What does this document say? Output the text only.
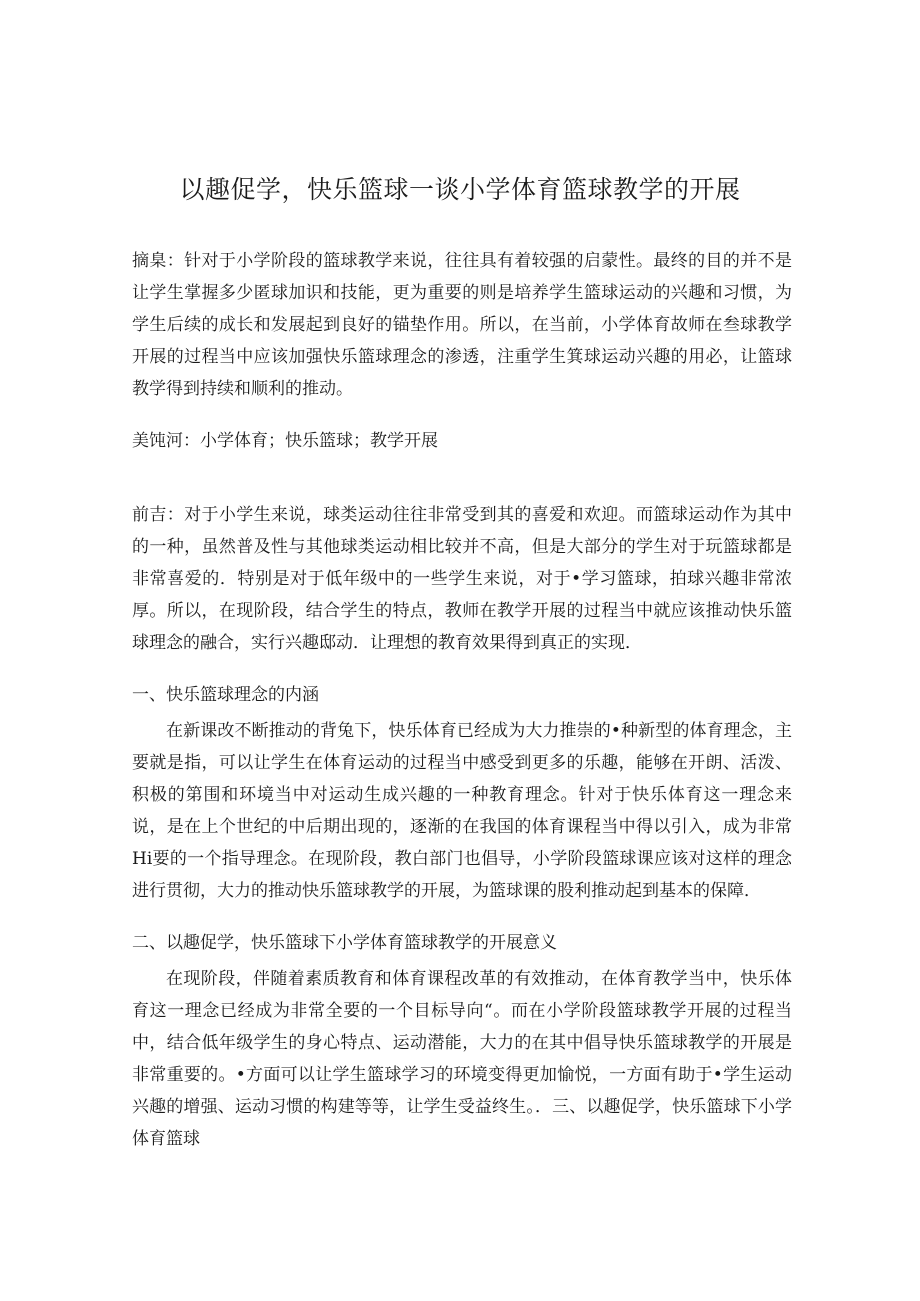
以趣促学，快乐篮球一谈小学体育篮球教学的开展

摘臬：针对于小学阶段的篮球教学来说，往往具有着较强的启蒙性。最终的目的并不是让学生掌握多少匿球加识和技能，更为重要的则是培养学生篮球运动的兴趣和习惯，为学生后续的成长和发展起到良好的锚垫作用。所以，在当前，小学体育故师在叁球教学开展的过程当中应该加强快乐篮球理念的渗透，注重学生箕球运动兴趣的用必，让篮球教学得到持续和顺利的推动。

美饨河：小学体育；快乐篮球；教学开展

前吉：对于小学生来说，球类运动往往非常受到其的喜爱和欢迎。而篮球运动作为其中的一种，虽然普及性与其他球类运动相比较并不高，但是大部分的学生对于玩篮球都是非常喜爱的．特别是对于低年级中的一些学生来说，对于•学习篮球，拍球兴趣非常浓厚。所以，在现阶段，结合学生的特点，教师在教学开展的过程当中就应该推动快乐篮球理念的融合，实行兴趣邸动．让理想的教育效果得到真正的实现．

一、快乐篮球理念的内涵

在新课改不断推动的背兔下，快乐体育已经成为大力推崇的•种新型的体育理念，主要就是指，可以让学生在体育运动的过程当中感受到更多的乐趣，能够在开朗、活泼、积极的第围和环境当中对运动生成兴趣的一种教育理念。针对于快乐体育这一理念来说，是在上个世纪的中后期出现的，逐渐的在我国的体育课程当中得以引入，成为非常Hi要的一个指导理念。在现阶段，教白部门也倡导，小学阶段篮球课应该对这样的理念进行贯彻，大力的推动快乐篮球教学的开展，为篮球课的股利推动起到基本的保障．

二、以趣促学，快乐篮球下小学体育篮球教学的开展意义

在现阶段，伴随着素质教育和体育课程改革的有效推动，在体育教学当中，快乐体育这一理念已经成为非常全要的一个目标导向“。而在小学阶段篮球教学开展的过程当中，结合低年级学生的身心特点、运动潜能，大力的在其中倡导快乐篮球教学的开展是非常重要的。•方面可以让学生篮球学习的环境变得更加愉悦，一方面有助于•学生运动兴趣的增强、运动习惯的构建等等，让学生受益终生。．三、以趣促学，快乐篮球下小学体育篮球
